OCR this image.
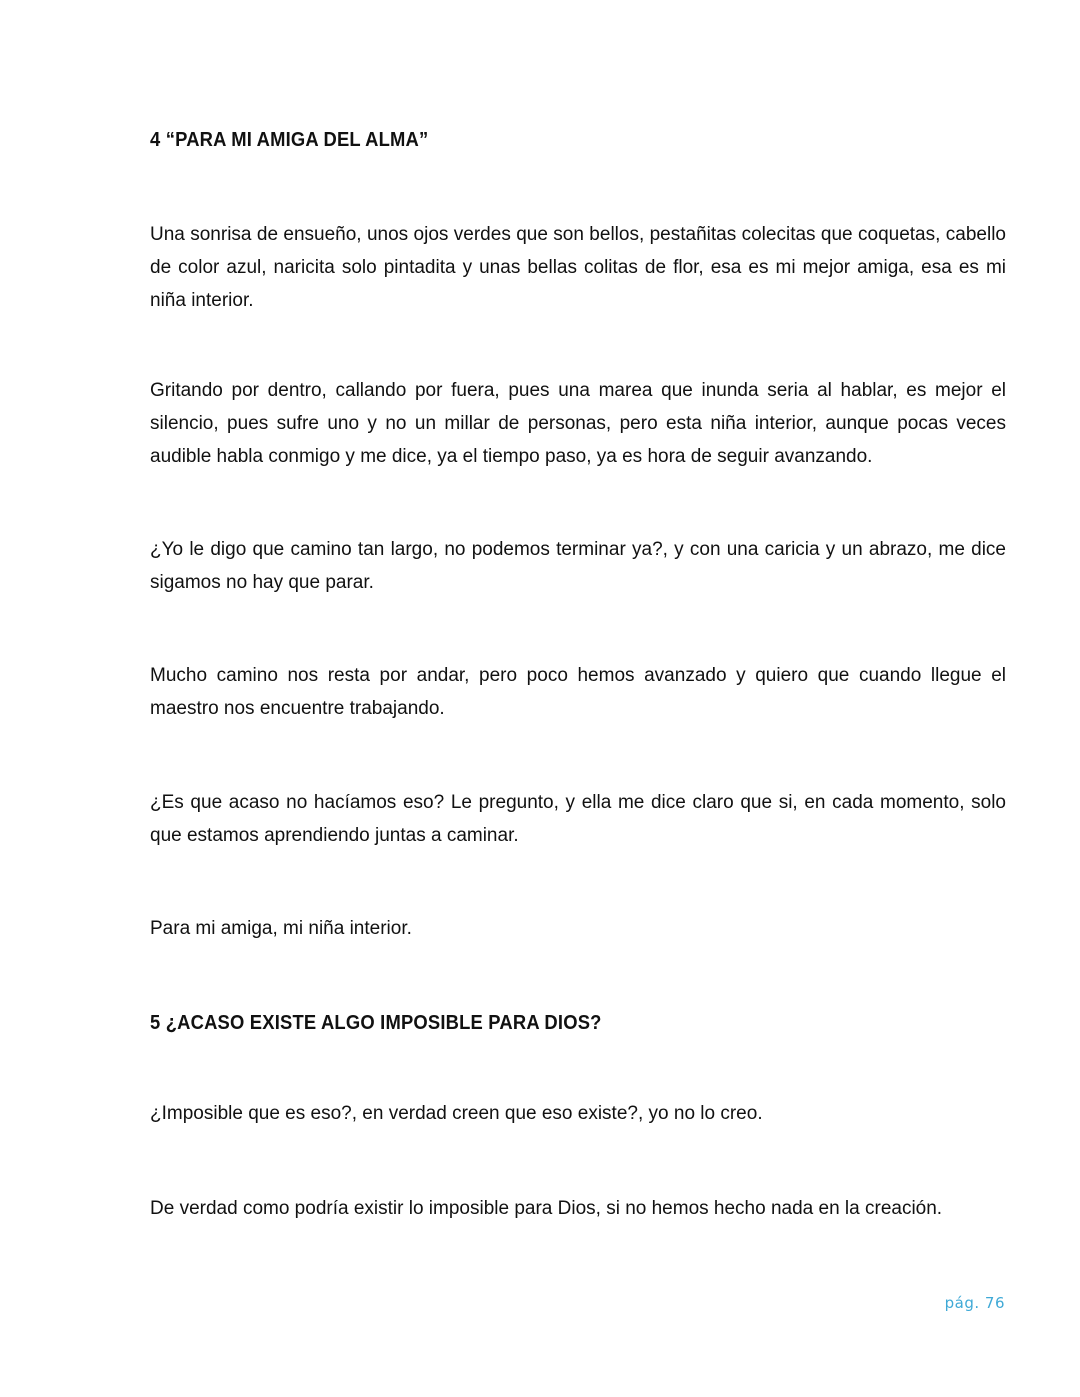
4 “PARA MI AMIGA DEL ALMA”

Una sonrisa de ensueño, unos ojos verdes que son bellos, pestañitas colecitas que coquetas, cabello de color azul, naricita solo pintadita y unas bellas colitas de flor, esa es mi mejor amiga, esa es mi niña interior.

Gritando por dentro, callando por fuera, pues una marea que inunda seria al hablar, es mejor el silencio, pues sufre uno y no un millar de personas, pero esta niña interior, aunque pocas veces audible habla conmigo y me dice, ya el tiempo paso, ya es hora de seguir avanzando.

¿Yo le digo que camino tan largo, no podemos terminar ya?, y con una caricia y un abrazo, me dice sigamos no hay que parar.

Mucho camino nos resta por andar, pero poco hemos avanzado y quiero que cuando llegue el maestro nos encuentre trabajando.

¿Es que acaso no hacíamos eso? Le pregunto, y ella me dice claro que si, en cada momento, solo que estamos aprendiendo juntas a caminar.

Para mi amiga, mi niña interior.

5 ¿ACASO EXISTE ALGO IMPOSIBLE PARA DIOS?

¿Imposible que es eso?, en verdad creen que eso existe?, yo no lo creo.

De verdad como podría existir lo imposible para Dios, si no hemos hecho nada en la creación.

pág. 76
